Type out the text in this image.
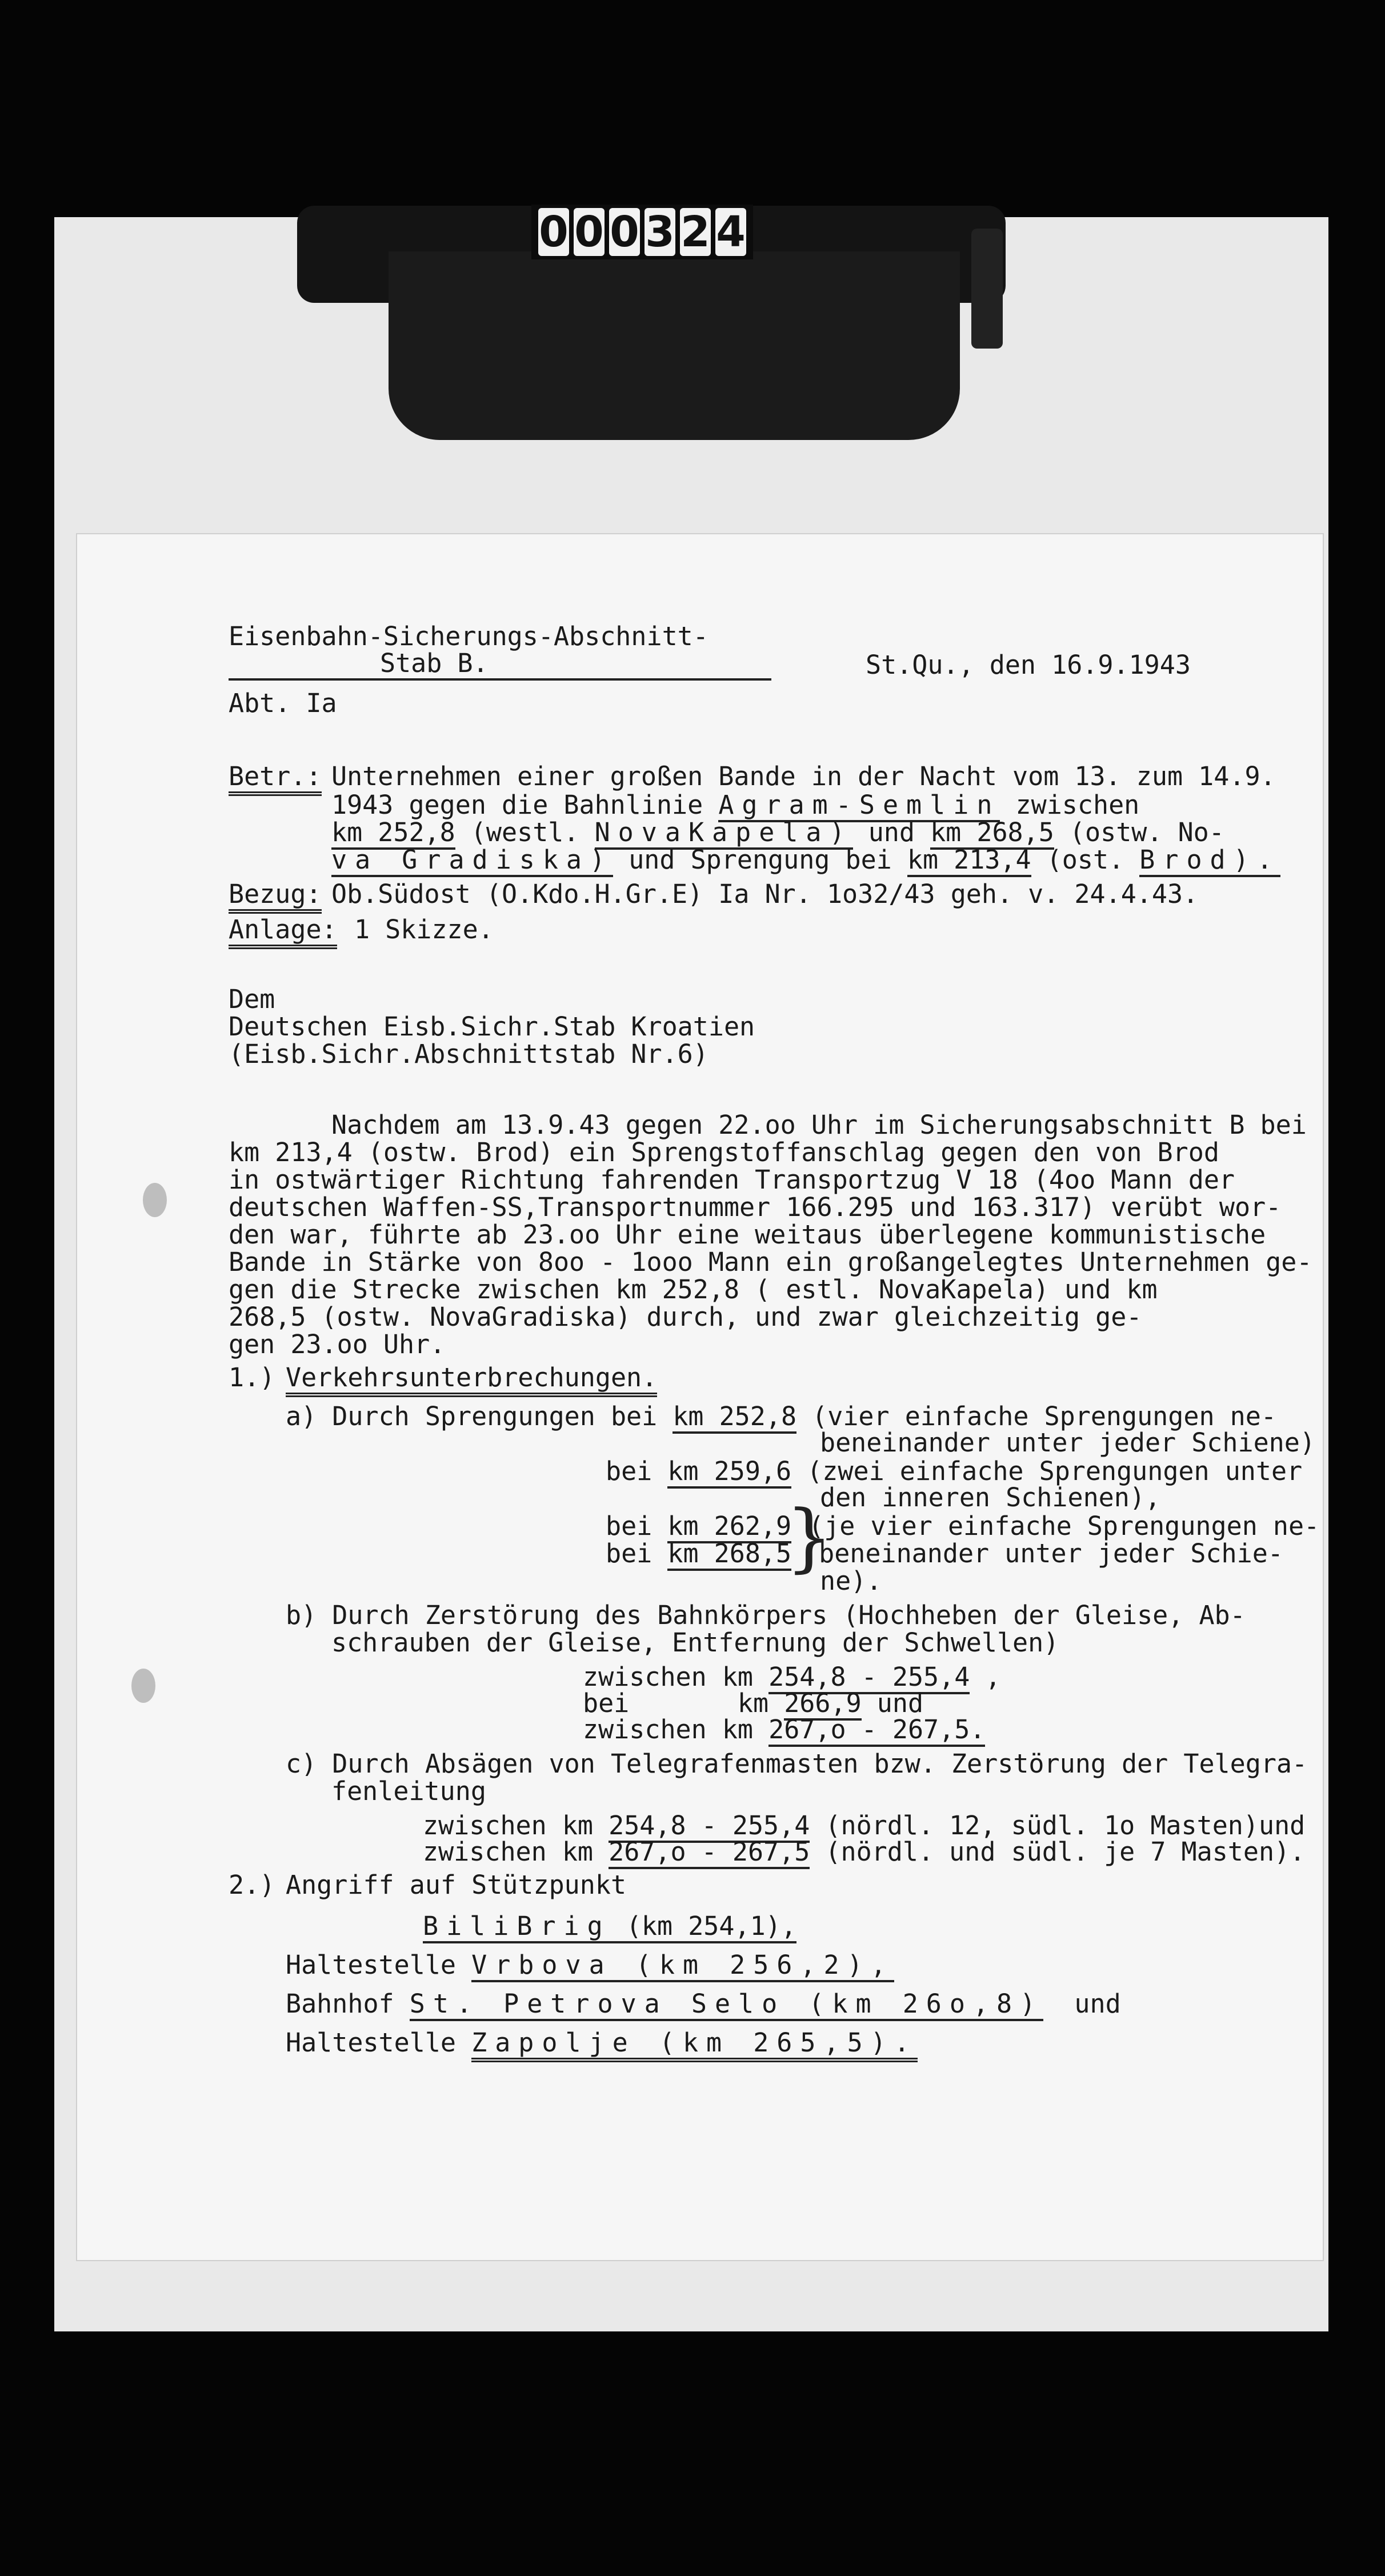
0 0 0 3 2 4
Eisenbahn-Sicherungs-Abschnitt-
Stab B.	St.Qu., den 16.9.1943
Abt. Ia
Betr.: Unternehmen einer großen Bande in der Nacht vom 13. zum 14.9.
1943 gegen die Bahnlinie Agram-Semlin zwischen
km 252,8 (westl. NovaKapela) und km 268,5 (ostw. No-
va Gradiska) und Sprengung bei km 213,4 (ost. Brod).
Bezug: Ob.Südost (O.Kdo.H.Gr.E) Ia Nr. 1o32/43 geh. v. 24.4.43.
Anlage: 1 Skizze.
Dem
Deutschen Eisb.Sichr.Stab Kroatien
(Eisb.Sichr.Abschnittstab Nr.6)
Nachdem am 13.9.43 gegen 22.oo Uhr im Sicherungsabschnitt B bei
km 213,4 (ostw. Brod) ein Sprengstoffanschlag gegen den von Brod
in ostwärtiger Richtung fahrenden Transportzug V 18 (4oo Mann der
deutschen Waffen-SS,Transportnummer 166.295 und 163.317) verübt wor-
den war, führte ab 23.oo Uhr eine weitaus überlegene kommunistische
Bande in Stärke von 8oo - 1ooo Mann ein großangelegtes Unternehmen ge-
gen die Strecke zwischen km 252,8 ( estl. NovaKapela) und km
268,5 (ostw. NovaGradiska) durch, und zwar gleichzeitig ge-
gen 23.oo Uhr.
1.) Verkehrsunterbrechungen.
a) Durch Sprengungen bei km 252,8 (vier einfache Sprengungen ne-
beneinander unter jeder Schiene)
bei km 259,6 (zwei einfache Sprengungen unter
den inneren Schienen),
bei km 262,9 (je vier einfache Sprengungen ne-
bei km 268,5 beneinander unter jeder Schie-
}
ne).
b) Durch Zerstörung des Bahnkörpers (Hochheben der Gleise, Ab-
schrauben der Gleise, Entfernung der Schwellen)
zwischen km 254,8 - 255,4 ,
bei       km 266,9 und
zwischen km 267,o - 267,5.
c) Durch Absägen von Telegrafenmasten bzw. Zerstörung der Telegra-
fenleitung
zwischen km 254,8 - 255,4 (nördl. 12, südl. 1o Masten)und
zwischen km 267,o - 267,5 (nördl. und südl. je 7 Masten).
2.) Angriff auf Stützpunkt
BiliBrig (km 254,1),
Haltestelle Vrbova (km 256,2),
Bahnhof St. Petrova Selo (km 26o,8)  und
Haltestelle Zapolje (km 265,5).
